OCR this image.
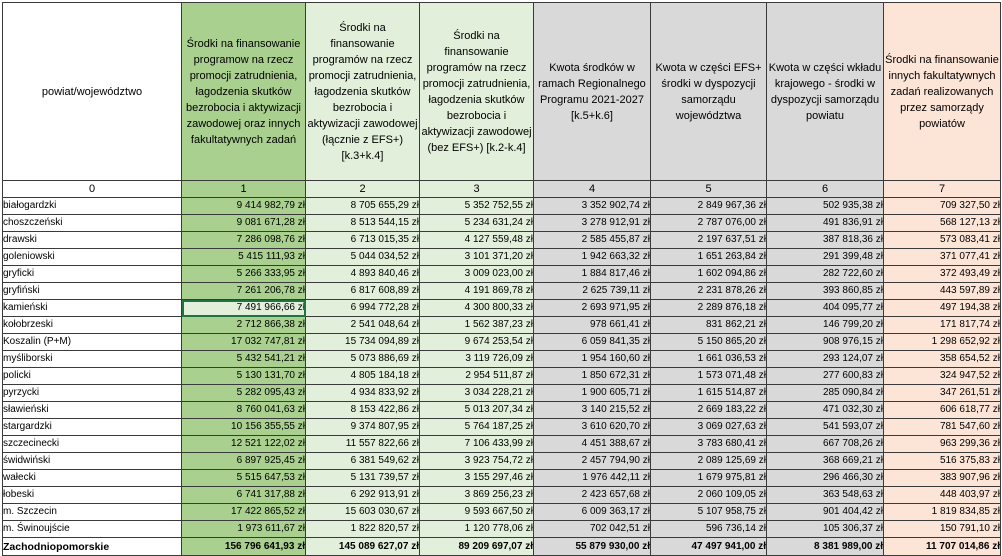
powiat/województwo	Środki na finansowanie programow na rzecz promocji zatrudnienia, łagodzenia skutków bezrobocia i aktywizacji zawodowej oraz innych fakultatywnych zadań	Środki na finansowanie programów na rzecz promocji zatrudnienia, łagodzenia skutków bezrobocia i aktywizacji zawodowej (łącznie z EFS+) [k.3+k.4]	Środki na finansowanie programów na rzecz promocji zatrudnienia, łagodzenia skutków bezrobocia i aktywizacji zawodowej (bez EFS+) [k.2-k.4]	Kwota środków w ramach Regionalnego Programu 2021-2027 [k.5+k.6]	Kwota w części EFS+ środki w dyspozycji samorządu województwa	Kwota w części wkładu krajowego - środki w dyspozycji samorządu powiatu	Środki na finansowanie innych fakultatywnych zadań realizowanych przez samorządy powiatów
0	1	2	3	4	5	6	7
białogardzki	9 414 982,79 zł	8 705 655,29 zł	5 352 752,55 zł	3 352 902,74 zł	2 849 967,36 zł	502 935,38 zł	709 327,50 zł
choszczeński	9 081 671,28 zł	8 513 544,15 zł	5 234 631,24 zł	3 278 912,91 zł	2 787 076,00 zł	491 836,91 zł	568 127,13 zł
drawski	7 286 098,76 zł	6 713 015,35 zł	4 127 559,48 zł	2 585 455,87 zł	2 197 637,51 zł	387 818,36 zł	573 083,41 zł
goleniowski	5 415 111,93 zł	5 044 034,52 zł	3 101 371,20 zł	1 942 663,32 zł	1 651 263,84 zł	291 399,48 zł	371 077,41 zł
gryficki	5 266 333,95 zł	4 893 840,46 zł	3 009 023,00 zł	1 884 817,46 zł	1 602 094,86 zł	282 722,60 zł	372 493,49 zł
gryfiński	7 261 206,78 zł	6 817 608,89 zł	4 191 869,78 zł	2 625 739,11 zł	2 231 878,26 zł	393 860,85 zł	443 597,89 zł
kamieński	7 491 966,66 zł	6 994 772,28 zł	4 300 800,33 zł	2 693 971,95 zł	2 289 876,18 zł	404 095,77 zł	497 194,38 zł
kołobrzeski	2 712 866,38 zł	2 541 048,64 zł	1 562 387,23 zł	978 661,41 zł	831 862,21 zł	146 799,20 zł	171 817,74 zł
Koszalin (P+M)	17 032 747,81 zł	15 734 094,89 zł	9 674 253,54 zł	6 059 841,35 zł	5 150 865,20 zł	908 976,15 zł	1 298 652,92 zł
myśliborski	5 432 541,21 zł	5 073 886,69 zł	3 119 726,09 zł	1 954 160,60 zł	1 661 036,53 zł	293 124,07 zł	358 654,52 zł
policki	5 130 131,70 zł	4 805 184,18 zł	2 954 511,87 zł	1 850 672,31 zł	1 573 071,48 zł	277 600,83 zł	324 947,52 zł
pyrzycki	5 282 095,43 zł	4 934 833,92 zł	3 034 228,21 zł	1 900 605,71 zł	1 615 514,87 zł	285 090,84 zł	347 261,51 zł
sławieński	8 760 041,63 zł	8 153 422,86 zł	5 013 207,34 zł	3 140 215,52 zł	2 669 183,22 zł	471 032,30 zł	606 618,77 zł
stargardzki	10 156 355,55 zł	9 374 807,95 zł	5 764 187,25 zł	3 610 620,70 zł	3 069 027,63 zł	541 593,07 zł	781 547,60 zł
szczecinecki	12 521 122,02 zł	11 557 822,66 zł	7 106 433,99 zł	4 451 388,67 zł	3 783 680,41 zł	667 708,26 zł	963 299,36 zł
świdwiński	6 897 925,45 zł	6 381 549,62 zł	3 923 754,72 zł	2 457 794,90 zł	2 089 125,69 zł	368 669,21 zł	516 375,83 zł
wałecki	5 515 647,53 zł	5 131 739,57 zł	3 155 297,46 zł	1 976 442,11 zł	1 679 975,81 zł	296 466,30 zł	383 907,96 zł
łobeski	6 741 317,88 zł	6 292 913,91 zł	3 869 256,23 zł	2 423 657,68 zł	2 060 109,05 zł	363 548,63 zł	448 403,97 zł
m. Szczecin	17 422 865,52 zł	15 603 030,67 zł	9 593 667,50 zł	6 009 363,17 zł	5 107 958,75 zł	901 404,42 zł	1 819 834,85 zł
m. Świnoujście	1 973 611,67 zł	1 822 820,57 zł	1 120 778,06 zł	702 042,51 zł	596 736,14 zł	105 306,37 zł	150 791,10 zł
Zachodniopomorskie	156 796 641,93 zł	145 089 627,07 zł	89 209 697,07 zł	55 879 930,00 zł	47 497 941,00 zł	8 381 989,00 zł	11 707 014,86 zł
